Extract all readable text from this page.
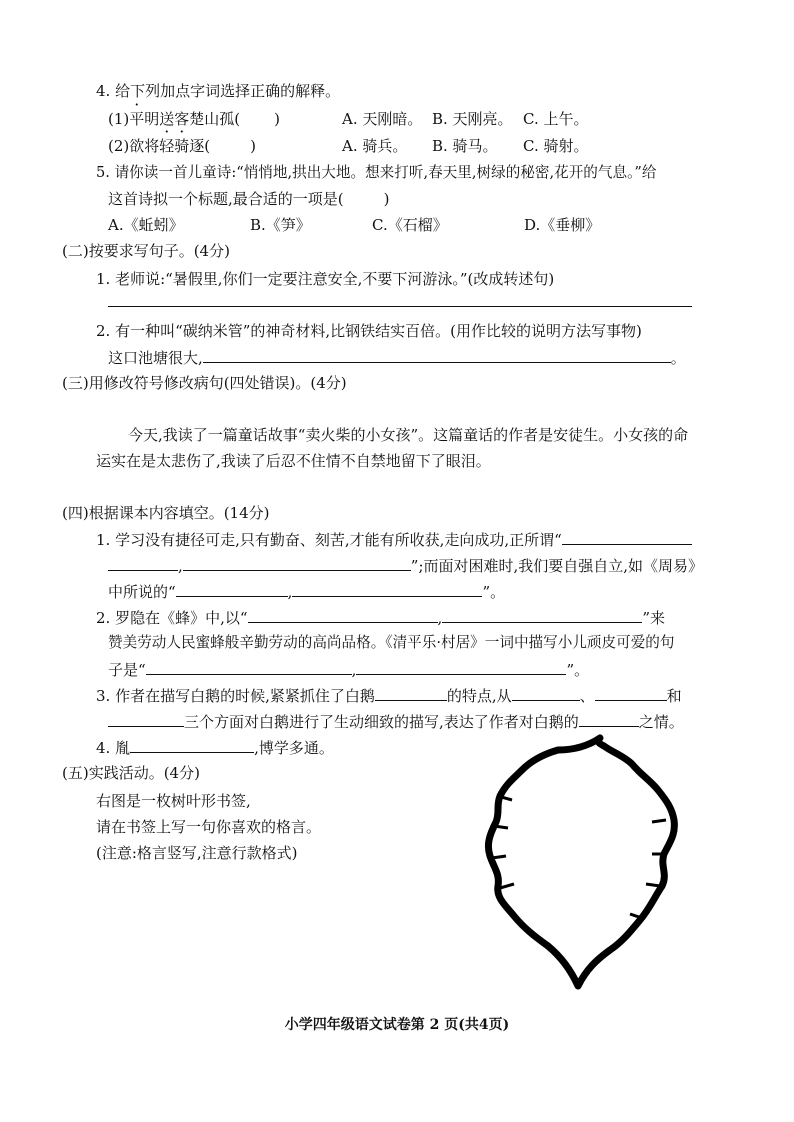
4. 给下列加点字词选择正确的解释。
(1)平明送客楚山孤( )	A. 天刚暗。 B. 天刚亮。 C. 上午。
(2)欲将轻骑逐(	)	A. 骑兵。 B. 骑马。 C. 骑射。
5. 请你读一首儿童诗:“悄悄地,拱出大地。想来打听,春天里,树绿的秘密,花开的气息。”给
这首诗拟一个标题,最合适的一项是(	)
A.《蚯蚓》	B.《笋》	C.《石榴》	D.《垂柳》
(二)按要求写句子。(4分)
1. 老师说:“暑假里,你们一定要注意安全,不要下河游泳。”(改成转述句)
2. 有一种叫“碳纳米管”的神奇材料,比钢铁结实百倍。(用作比较的说明方法写事物)
这口池塘很大,	。
(三)用修改符号修改病句(四处错误)。(4分)
今天,我读了一篇童话故事“卖火柴的小女孩”。这篇童话的作者是安徒生。小女孩的命
运实在是太悲伤了,我读了后忍不住情不自禁地留下了眼泪。
(四)根据课本内容填空。(14分)
1. 学习没有捷径可走,只有勤奋、刻苦,才能有所收获,走向成功,正所谓“
,	”;而面对困难时,我们要自强自立,如《周易》
中所说的“	,	”。
2. 罗隐在《蜂》中,以“	,	”来
赞美劳动人民蜜蜂般辛勤劳动的高尚品格。《清平乐·村居》一词中描写小儿顽皮可爱的句
子是“	,	”。
3. 作者在描写白鹅的时候,紧紧抓住了白鹅	的特点,从	、	和
三个方面对白鹅进行了生动细致的描写,表达了作者对白鹅的	之情。
4. 胤	,博学多通。
(五)实践活动。(4分)
右图是一枚树叶形书签,
请在书签上写一句你喜欢的格言。
(注意:格言竖写,注意行款格式)
小学四年级语文试卷第 2 页(共4页)
